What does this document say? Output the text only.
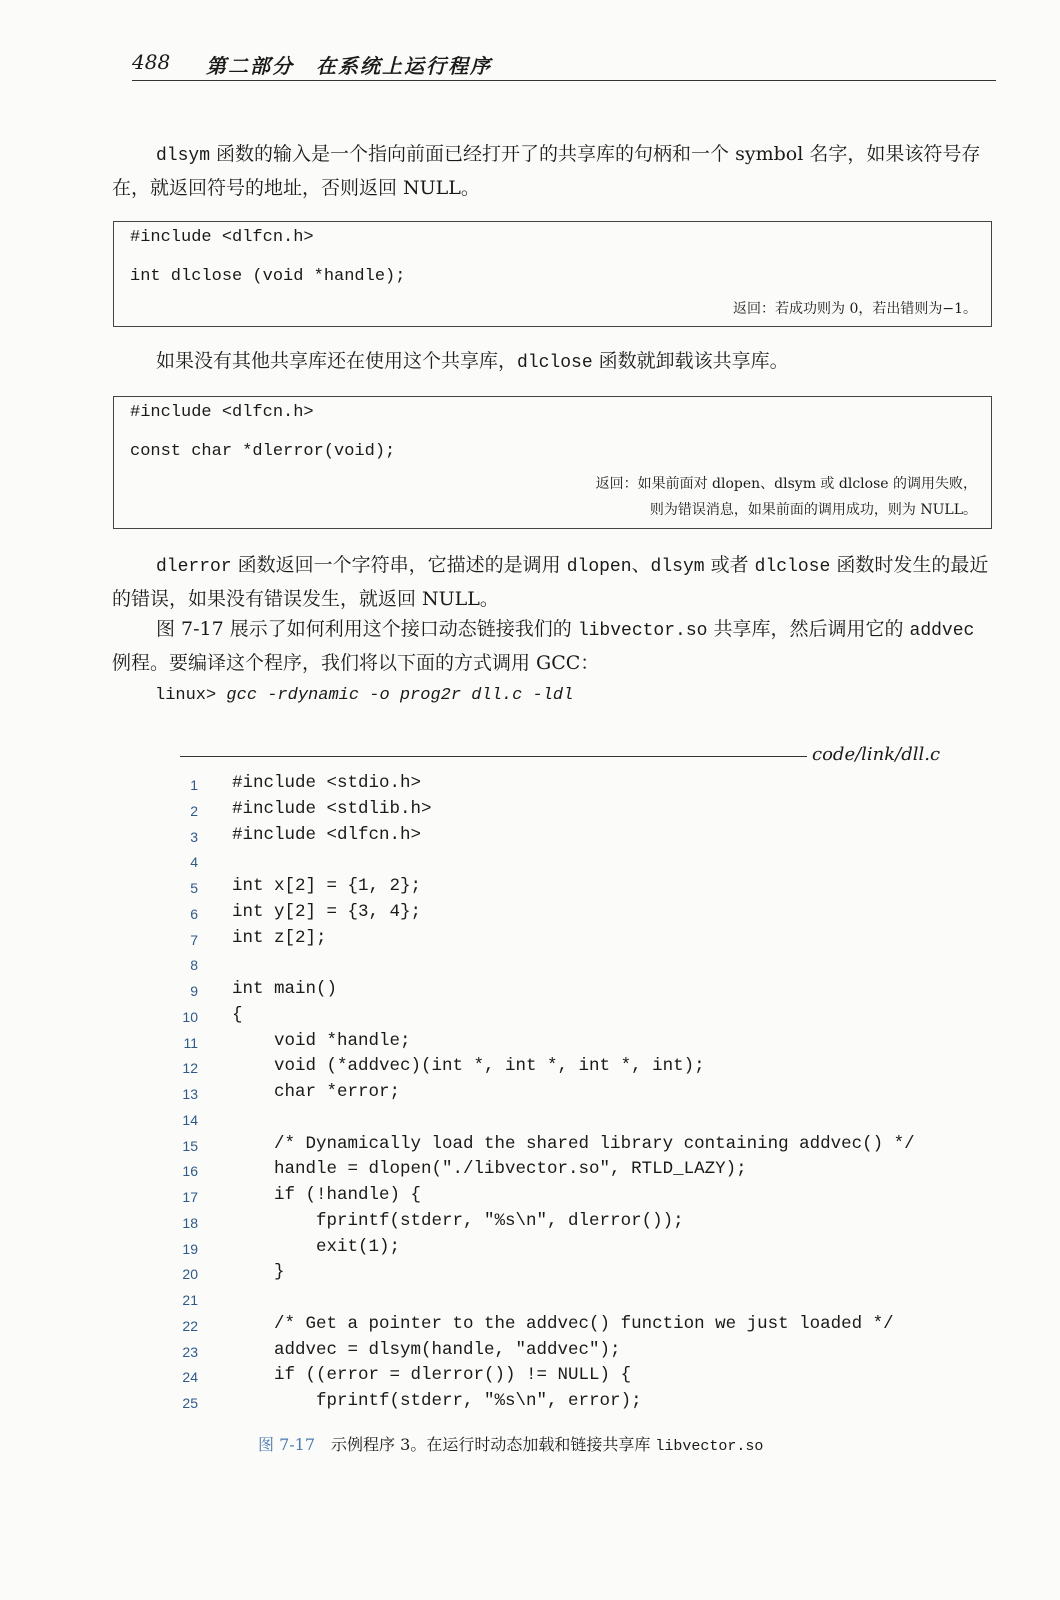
488 第二部分　在系统上运行程序

dlsym 函数的输入是一个指向前面已经打开了的共享库的句柄和一个 symbol 名字，如果该符号存在，就返回符号的地址，否则返回 NULL。

#include <dlfcn.h>
int dlclose (void *handle);
返回：若成功则为 0，若出错则为−1。

如果没有其他共享库还在使用这个共享库，dlclose 函数就卸载该共享库。

#include <dlfcn.h>
const char *dlerror(void);
返回：如果前面对 dlopen、dlsym 或 dlclose 的调用失败，
则为错误消息，如果前面的调用成功，则为 NULL。

dlerror 函数返回一个字符串，它描述的是调用 dlopen、dlsym 或者 dlclose 函数时发生的最近的错误，如果没有错误发生，就返回 NULL。

图 7-17 展示了如何利用这个接口动态链接我们的 libvector.so 共享库，然后调用它的 addvec 例程。要编译这个程序，我们将以下面的方式调用 GCC：

linux> gcc -rdynamic -o prog2r dll.c -ldl
code/link/dll.c
1 #include <stdio.h>
2 #include <stdlib.h>
3 #include <dlfcn.h>
4
5 int x[2] = {1, 2};
6 int y[2] = {3, 4};
7 int z[2];
8
9 int main()
10 {
11 void *handle;
12 void (*addvec)(int *, int *, int *, int);
13 char *error;
14
15 /* Dynamically load the shared library containing addvec() */
16 handle = dlopen("./libvector.so", RTLD_LAZY);
17 if (!handle) {
18 fprintf(stderr, "%s\n", dlerror());
19 exit(1);
20 }
21
22 /* Get a pointer to the addvec() function we just loaded */
23 addvec = dlsym(handle, "addvec");
24 if ((error = dlerror()) != NULL) {
25 fprintf(stderr, "%s\n", error);
图 7-17　示例程序 3。在运行时动态加载和链接共享库 libvector.so
